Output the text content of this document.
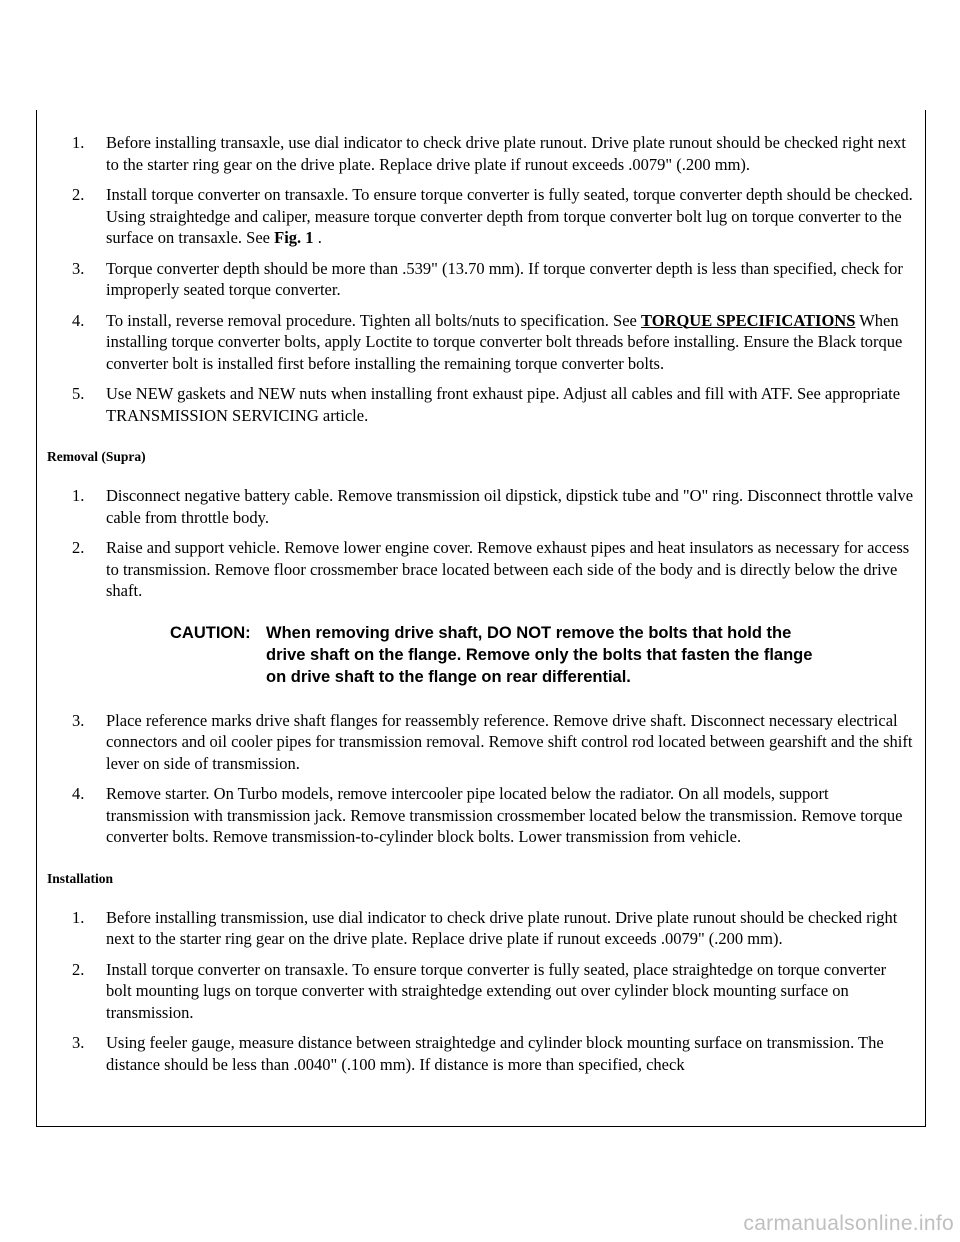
1. Before installing transaxle, use dial indicator to check drive plate runout. Drive plate runout should be checked right next to the starter ring gear on the drive plate. Replace drive plate if runout exceeds .0079" (.200 mm).
2. Install torque converter on transaxle. To ensure torque converter is fully seated, torque converter depth should be checked. Using straightedge and caliper, measure torque converter depth from torque converter bolt lug on torque converter to the surface on transaxle. See Fig. 1 .
3. Torque converter depth should be more than .539" (13.70 mm). If torque converter depth is less than specified, check for improperly seated torque converter.
4. To install, reverse removal procedure. Tighten all bolts/nuts to specification. See TORQUE SPECIFICATIONS When installing torque converter bolts, apply Loctite to torque converter bolt threads before installing. Ensure the Black torque converter bolt is installed first before installing the remaining torque converter bolts.
5. Use NEW gaskets and NEW nuts when installing front exhaust pipe. Adjust all cables and fill with ATF. See appropriate TRANSMISSION SERVICING article.
Removal (Supra)
1. Disconnect negative battery cable. Remove transmission oil dipstick, dipstick tube and "O" ring. Disconnect throttle valve cable from throttle body.
2. Raise and support vehicle. Remove lower engine cover. Remove exhaust pipes and heat insulators as necessary for access to transmission. Remove floor crossmember brace located between each side of the body and is directly below the drive shaft.
CAUTION: When removing drive shaft, DO NOT remove the bolts that hold the drive shaft on the flange. Remove only the bolts that fasten the flange on drive shaft to the flange on rear differential.
3. Place reference marks drive shaft flanges for reassembly reference. Remove drive shaft. Disconnect necessary electrical connectors and oil cooler pipes for transmission removal. Remove shift control rod located between gearshift and the shift lever on side of transmission.
4. Remove starter. On Turbo models, remove intercooler pipe located below the radiator. On all models, support transmission with transmission jack. Remove transmission crossmember located below the transmission. Remove torque converter bolts. Remove transmission-to-cylinder block bolts. Lower transmission from vehicle.
Installation
1. Before installing transmission, use dial indicator to check drive plate runout. Drive plate runout should be checked right next to the starter ring gear on the drive plate. Replace drive plate if runout exceeds .0079" (.200 mm).
2. Install torque converter on transaxle. To ensure torque converter is fully seated, place straightedge on torque converter bolt mounting lugs on torque converter with straightedge extending out over cylinder block mounting surface on transmission.
3. Using feeler gauge, measure distance between straightedge and cylinder block mounting surface on transmission. The distance should be less than .0040" (.100 mm). If distance is more than specified, check
carmanualsonline.info
